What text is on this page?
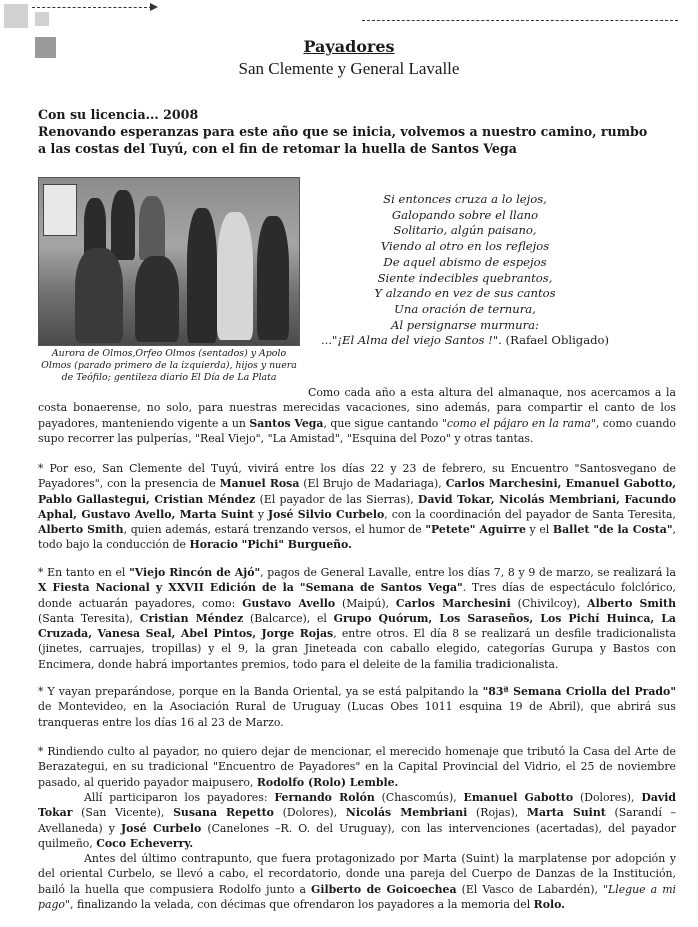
Payadores
San Clemente y General Lavalle
Con su licencia... 2008
Renovando esperanzas para este año que se inicia, volvemos a nuestro camino, rumbo a las costas del Tuyú, con el fin de retomar la huella de Santos Vega
Aurora de Olmos,Orfeo Olmos (sentados) y Apolo Olmos (parado primero de la izquierda), hijos y nuera de Teófilo; gentileza diario El Día de La Plata
Si entonces cruza a lo lejos,
Galopando sobre el llano
Solitario, algún paisano,
Viendo al otro en los reflejos
De aquel abismo de espejos
Siente indecibles quebrantos,
Y alzando en vez de sus cantos
Una oración de ternura,
Al persignarse murmura:
..."¡El Alma del viejo Santos !". (Rafael Obligado)
Como cada año a esta altura del almanaque, nos acercamos a la costa bonaerense, no solo, para nuestras merecidas vacaciones, sino además, para compartir el canto de los payadores, manteniendo vigente a un Santos Vega, que sigue cantando "como el pájaro en la rama", como cuando supo recorrer las pulperías, "Real Viejo", "La Amistad", "Esquina del Pozo" y otras tantas.
* Por eso, San Clemente del Tuyú, vivirá entre los días 22 y 23 de febrero, su Encuentro "Santosvegano de Payadores", con la presencia de Manuel Rosa (El Brujo de Madariaga), Carlos Marchesini, Emanuel Gabotto, Pablo Gallastegui, Cristian Méndez (El payador de las Sierras), David Tokar, Nicolás Membriani, Facundo Aphal, Gustavo Avello, Marta Suint y José Silvio Curbelo, con la coordinación del payador de Santa Teresita, Alberto Smith, quien además, estará trenzando versos, el humor de "Petete" Aguirre y el Ballet "de la Costa", todo bajo la conducción de Horacio "Pichi" Burgueño.
* En tanto en el "Viejo Rincón de Ajó", pagos de General Lavalle, entre los días 7, 8 y 9 de marzo, se realizará la X Fiesta Nacional y XXVII Edición de la "Semana de Santos Vega". Tres días de espectáculo folclórico, donde actuarán payadores, como: Gustavo Avello (Maipú), Carlos Marchesini (Chivilcoy), Alberto Smith (Santa Teresita), Cristian Méndez (Balcarce), el Grupo Quórum, Los Saraseños, Los Pichí Huinca, La Cruzada, Vanesa Seal, Abel Pintos, Jorge Rojas, entre otros. El día 8 se realizará un desfile tradicionalista (jinetes, carruajes, tropillas) y el 9, la gran Jineteada con caballo elegido, categorías Gurupa y Bastos con Encimera, donde habrá importantes premios, todo para el deleite de la familia tradicionalista.
* Y vayan preparándose, porque en la Banda Oriental, ya se está palpitando la "83ª Semana Criolla del Prado" de Montevideo, en la Asociación Rural de Uruguay (Lucas Obes 1011 esquina 19 de Abril), que abrirá sus tranqueras entre los días 16 al 23 de Marzo.
* Rindiendo culto al payador, no quiero dejar de mencionar, el merecido homenaje que tributó la Casa del Arte de Berazategui, en su tradicional "Encuentro de Payadores" en la Capital Provincial del Vidrio, el 25 de noviembre pasado, al querido payador maipusero, Rodolfo (Rolo) Lemble.
Allí participaron los payadores: Fernando Rolón (Chascomús), Emanuel Gabotto (Dolores), David Tokar (San Vicente), Susana Repetto (Dolores), Nicolás Membriani (Rojas), Marta Suint (Sarandí –Avellaneda) y José Curbelo (Canelones –R. O. del Uruguay), con las intervenciones (acertadas), del payador quilmeño, Coco Echeverry.
Antes del último contrapunto, que fuera protagonizado por Marta (Suint) la marplatense por adopción y del oriental Curbelo, se llevó a cabo, el recordatorio, donde una pareja del Cuerpo de Danzas de la Institución, bailó la huella que compusiera Rodolfo junto a Gilberto de Goicoechea (El Vasco de Labardén), "Llegue a mi pago", finalizando la velada, con décimas que ofrendaron los payadores a la memoria del Rolo.
